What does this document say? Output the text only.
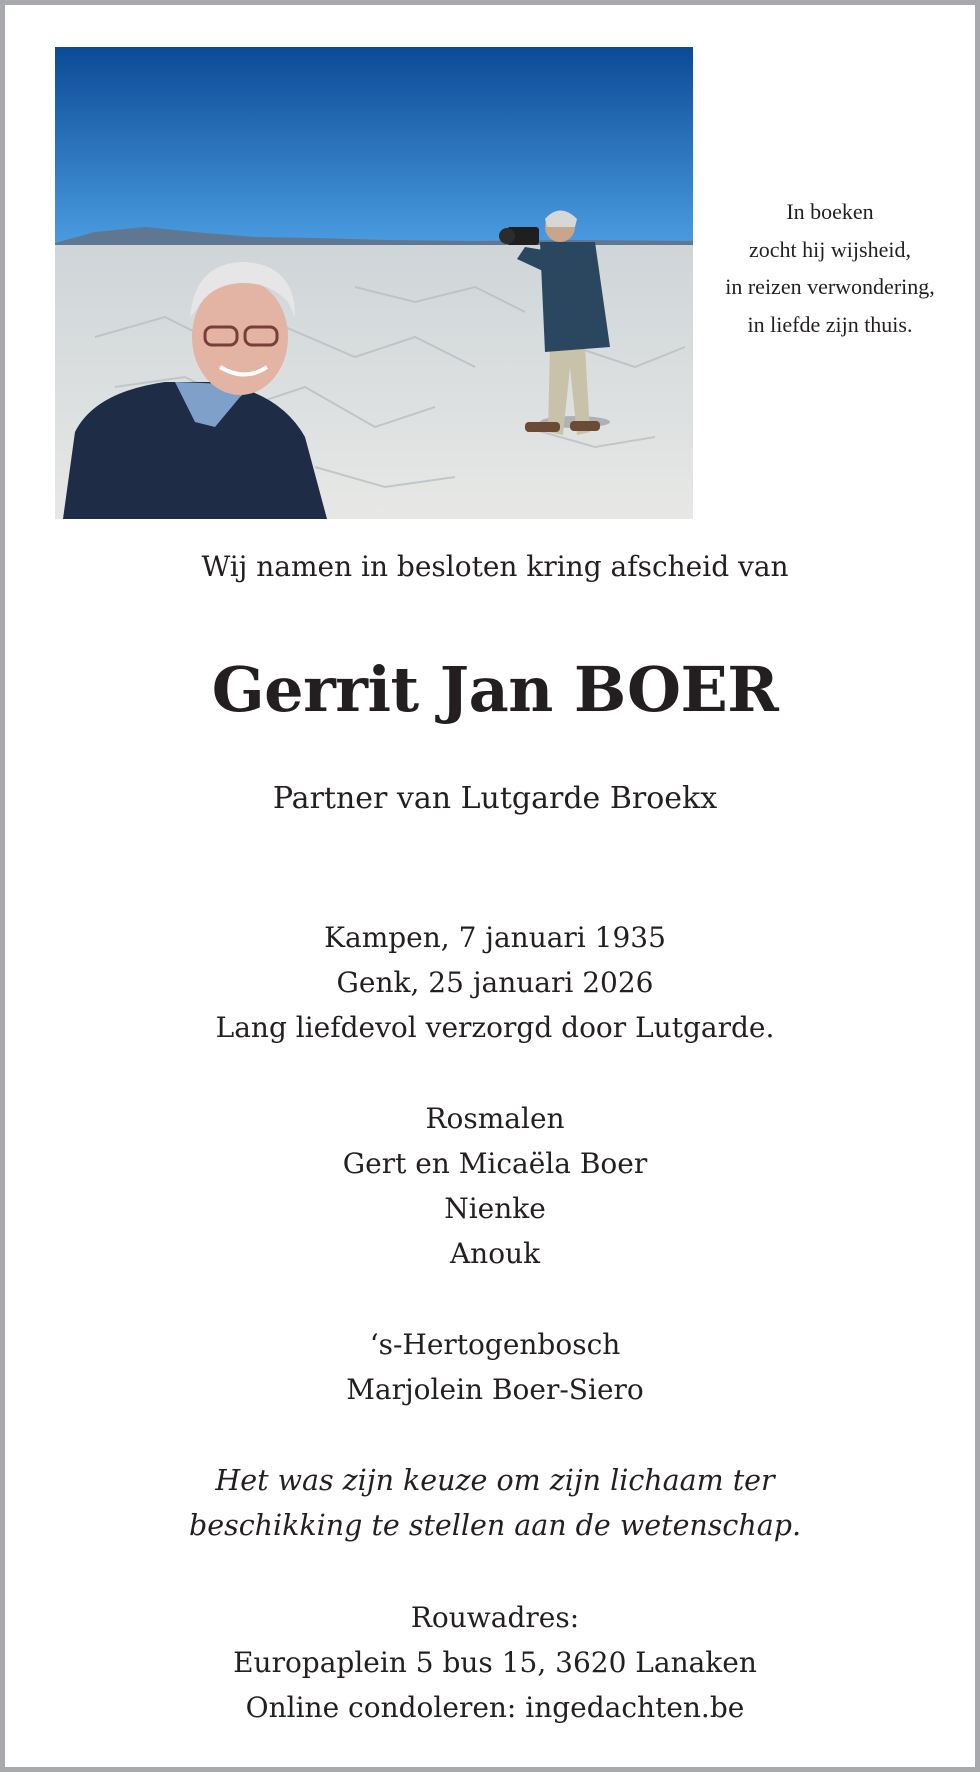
In boeken
zocht hij wijsheid,
in reizen verwondering,
in liefde zijn thuis.
Wij namen in besloten kring afscheid van
Gerrit Jan BOER
Partner van Lutgarde Broekx
Kampen, 7 januari 1935
Genk, 25 januari 2026
Lang liefdevol verzorgd door Lutgarde.
Rosmalen
Gert en Micaëla Boer
Nienke
Anouk
‘s-Hertogenbosch
Marjolein Boer-Siero
Het was zijn keuze om zijn lichaam ter
beschikking te stellen aan de wetenschap.
Rouwadres:
Europaplein 5 bus 15, 3620 Lanaken
Online condoleren: ingedachten.be
